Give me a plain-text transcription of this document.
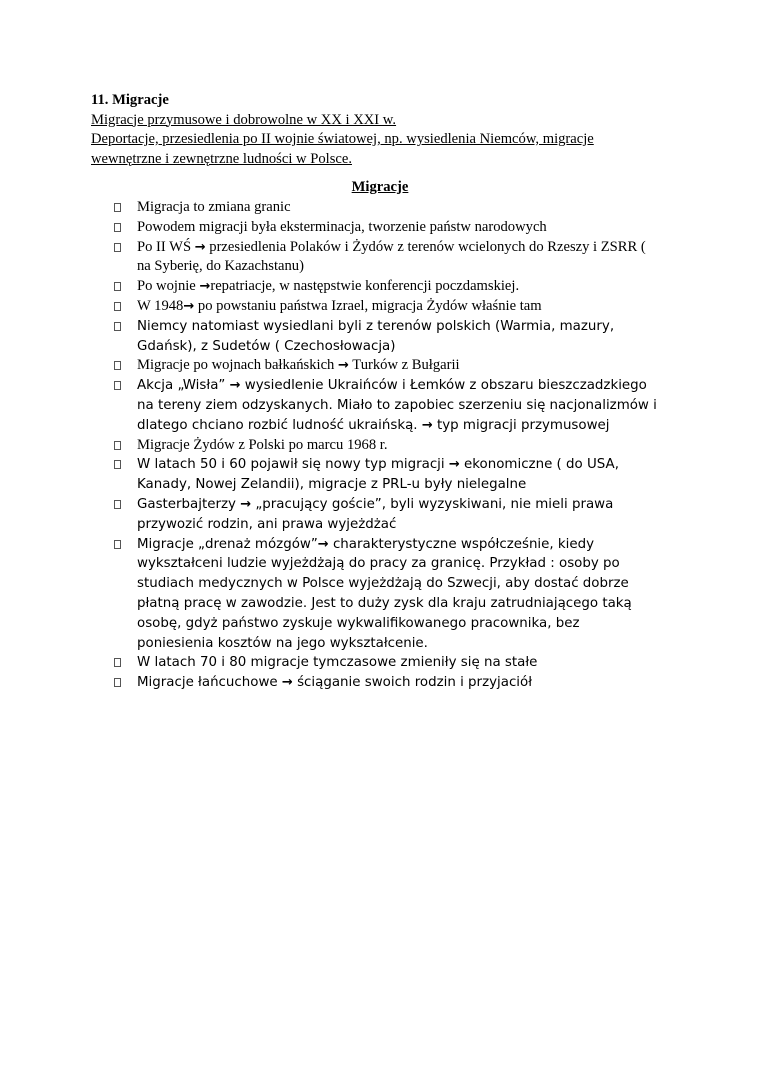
11. Migracje
Migracje przymusowe i dobrowolne w XX i XXI w.
Deportacje, przesiedlenia po II wojnie światowej, np. wysiedlenia Niemców, migracje wewnętrzne i zewnętrzne ludności w Polsce.
Migracje
Migracja to zmiana granic
Powodem migracji była eksterminacja, tworzenie państw narodowych
Po II WŚ → przesiedlenia Polaków i Żydów z terenów wcielonych do Rzeszy i ZSRR ( na Syberię, do Kazachstanu)
Po wojnie →repatriacje, w następstwie konferencji poczdamskiej.
W 1948→ po powstaniu państwa Izrael, migracja Żydów właśnie tam
Niemcy natomiast wysiedlani byli z terenów polskich (Warmia, mazury, Gdańsk), z Sudetów ( Czechosłowacja)
Migracje po wojnach bałkańskich → Turków z Bułgarii
Akcja „Wisła” → wysiedlenie Ukraińców i Łemków z obszaru bieszczadzkiego na tereny ziem odzyskanych. Miało to zapobiec szerzeniu się nacjonalizmów i dlatego chciano rozbić ludność ukraińską. → typ migracji przymusowej
Migracje Żydów z Polski po marcu 1968 r.
W latach 50 i 60 pojawił się nowy typ migracji → ekonomiczne ( do USA, Kanady, Nowej Zelandii), migracje z PRL-u były nielegalne
Gasterbajterzy → „pracujący goście”, byli wyzyskiwani, nie mieli prawa przywozić rodzin, ani prawa wyjeżdżać
Migracje „drenaż mózgów”→ charakterystyczne współcześnie, kiedy wykształceni ludzie wyjeżdżają do pracy za granicę. Przykład : osoby po studiach medycznych w Polsce wyjeżdżają do Szwecji, aby dostać dobrze płatną pracę w zawodzie. Jest to duży zysk dla kraju zatrudniającego taką osobę, gdyż państwo zyskuje wykwalifikowanego pracownika, bez poniesienia kosztów na jego wykształcenie.
W latach 70 i 80 migracje tymczasowe zmieniły się na stałe
Migracje łańcuchowe → ściąganie swoich rodzin i przyjaciół
